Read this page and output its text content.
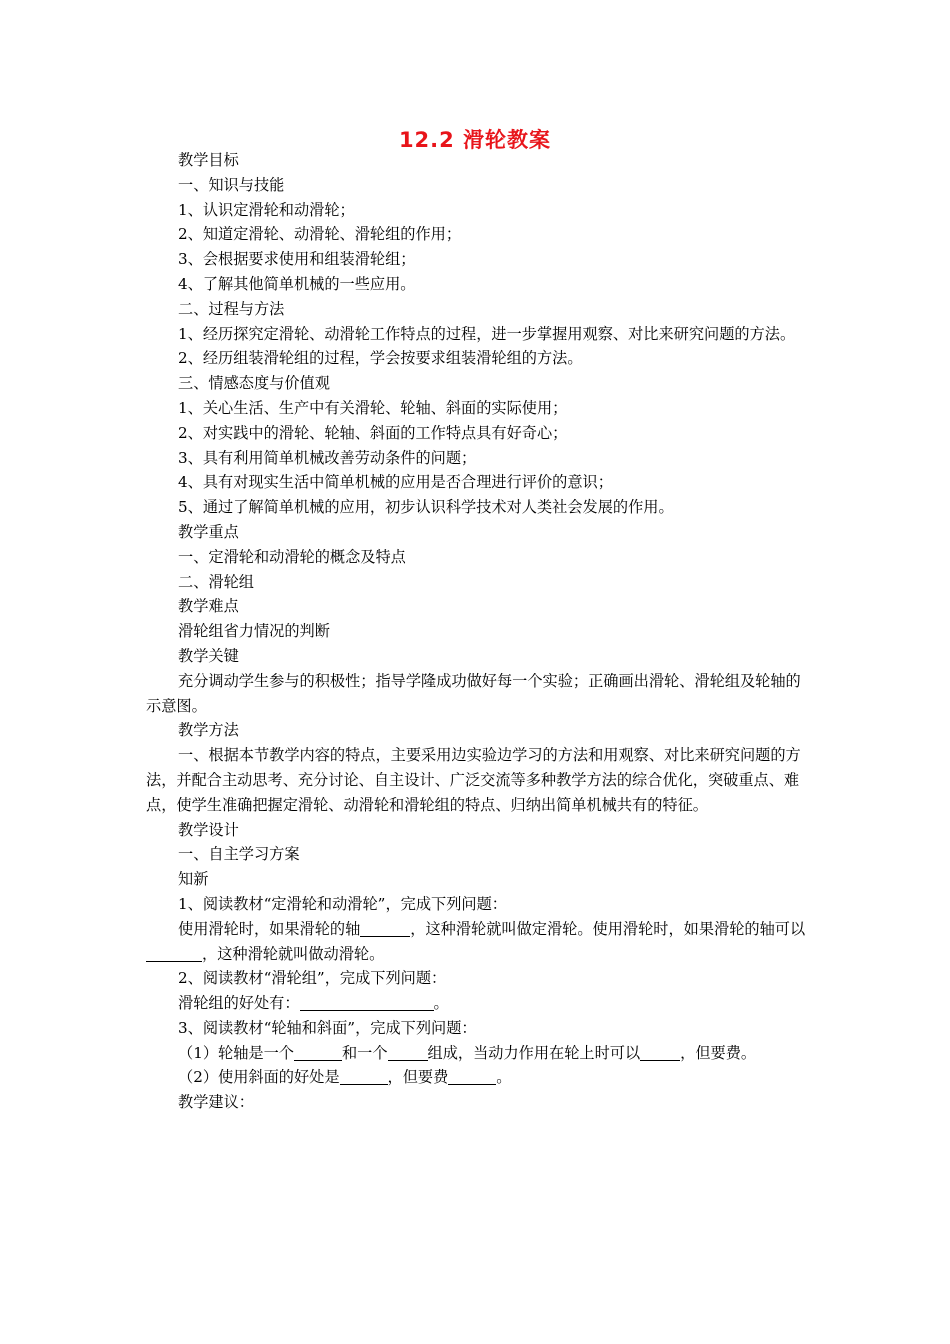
12.2 滑轮教案

教学目标

一、知识与技能

1、认识定滑轮和动滑轮；

2、知道定滑轮、动滑轮、滑轮组的作用；

3、会根据要求使用和组装滑轮组；

4、了解其他简单机械的一些应用。

二、过程与方法

1、经历探究定滑轮、动滑轮工作特点的过程，进一步掌握用观察、对比来研究问题的方法。

2、经历组装滑轮组的过程，学会按要求组装滑轮组的方法。

三、情感态度与价值观

1、关心生活、生产中有关滑轮、轮轴、斜面的实际使用；

2、对实践中的滑轮、轮轴、斜面的工作特点具有好奇心；

3、具有利用简单机械改善劳动条件的问题；

4、具有对现实生活中简单机械的应用是否合理进行评价的意识；

5、通过了解简单机械的应用，初步认识科学技术对人类社会发展的作用。

教学重点

一、定滑轮和动滑轮的概念及特点

二、滑轮组

教学难点

滑轮组省力情况的判断

教学关键

充分调动学生参与的积极性；指导学隆成功做好每一个实验；正确画出滑轮、滑轮组及轮轴的示意图。

教学方法

一、根据本节教学内容的特点，主要采用边实验边学习的方法和用观察、对比来研究问题的方法，并配合主动思考、充分讨论、自主设计、广泛交流等多种教学方法的综合优化，突破重点、难点，使学生准确把握定滑轮、动滑轮和滑轮组的特点、归纳出简单机械共有的特征。

教学设计

一、自主学习方案

知新

1、阅读教材“定滑轮和动滑轮”，完成下列问题：

使用滑轮时，如果滑轮的轴	，这种滑轮就叫做定滑轮。使用滑轮时，如果滑轮的轴可以，这种滑轮就叫做动滑轮。

2、阅读教材“滑轮组”，完成下列问题：

滑轮组的好处有：	。

3、阅读教材“轮轴和斜面”，完成下列问题：

（1）轮轴是一个	和一个	组成，当动力作用在轮上时可以	，但要费。

（2）使用斜面的好处是	，但要费	。

教学建议：
